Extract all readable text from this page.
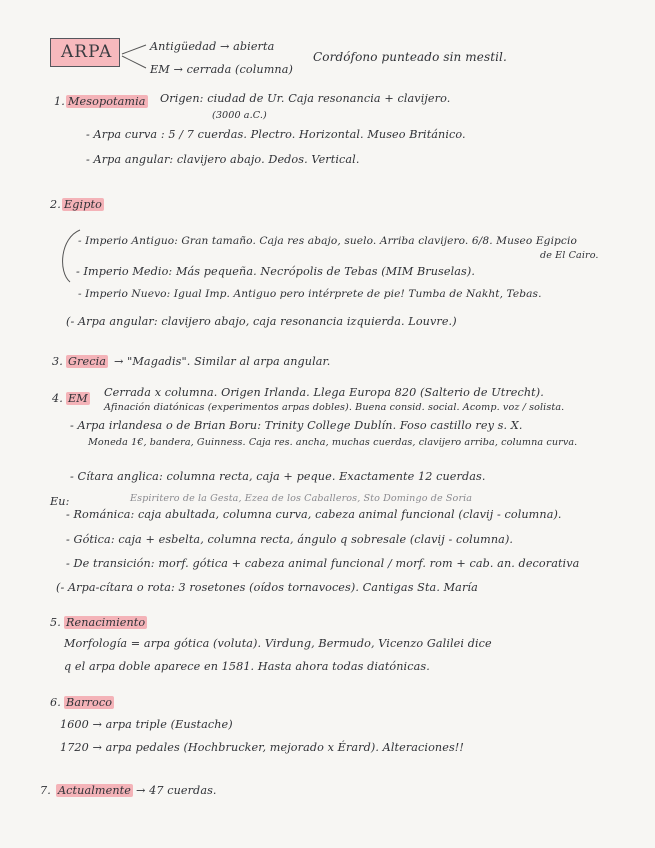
ARPA	Antigüedad → abierta
EM → cerrada (columna)
Cordófono punteado sin mestil.
1. Mesopotamia Origen: ciudad de Ur. Caja resonancia + clavijero.
(3000 a.C.)
- Arpa curva : 5 / 7 cuerdas. Plectro. Horizontal. Museo Británico.
- Arpa angular: clavijero abajo. Dedos. Vertical.
2. Egipto
- Imperio Antiguo: Gran tamaño. Caja res abajo, suelo. Arriba clavijero. 6/8. Museo Egipcio
de El Cairo.
- Imperio Medio: Más pequeña. Necrópolis de Tebas (MIM Bruselas).
- Imperio Nuevo: Igual Imp. Antiguo pero intérprete de pie! Tumba de Nakht, Tebas.
(- Arpa angular: clavijero abajo, caja resonancia izquierda. Louvre.)
3. Grecia → "Magadis". Similar al arpa angular.
4. EM Cerrada x columna. Origen Irlanda. Llega Europa 820 (Salterio de Utrecht).
Afinación diatónicas (experimentos arpas dobles). Buena consid. social. Acomp. voz / solista.
- Arpa irlandesa o de Brian Boru: Trinity College Dublín. Foso castillo rey s. X.
Moneda 1€, bandera, Guinness. Caja res. ancha, muchas cuerdas, clavijero arriba, columna curva.
- Cítara anglica: columna recta, caja + peque. Exactamente 12 cuerdas.
Eu:	Espiritero de la Gesta, Ezea de los Caballeros, Sto Domingo de Soria
- Románica: caja abultada, columna curva, cabeza animal funcional (clavij - columna).
- Gótica: caja + esbelta, columna recta, ángulo q sobresale (clavij - columna).
- De transición: morf. gótica + cabeza animal funcional / morf. rom + cab. an. decorativa
(- Arpa-cítara o rota: 3 rosetones (oídos tornavoces). Cantigas Sta. María
5. Renacimiento
Morfología = arpa gótica (voluta). Virdung, Bermudo, Vicenzo Galilei dice
q el arpa doble aparece en 1581. Hasta ahora todas diatónicas.
6. Barroco
1600 → arpa triple (Eustache)
1720 → arpa pedales (Hochbrucker, mejorado x Érard). Alteraciones!!
7. Actualmente → 47 cuerdas.
